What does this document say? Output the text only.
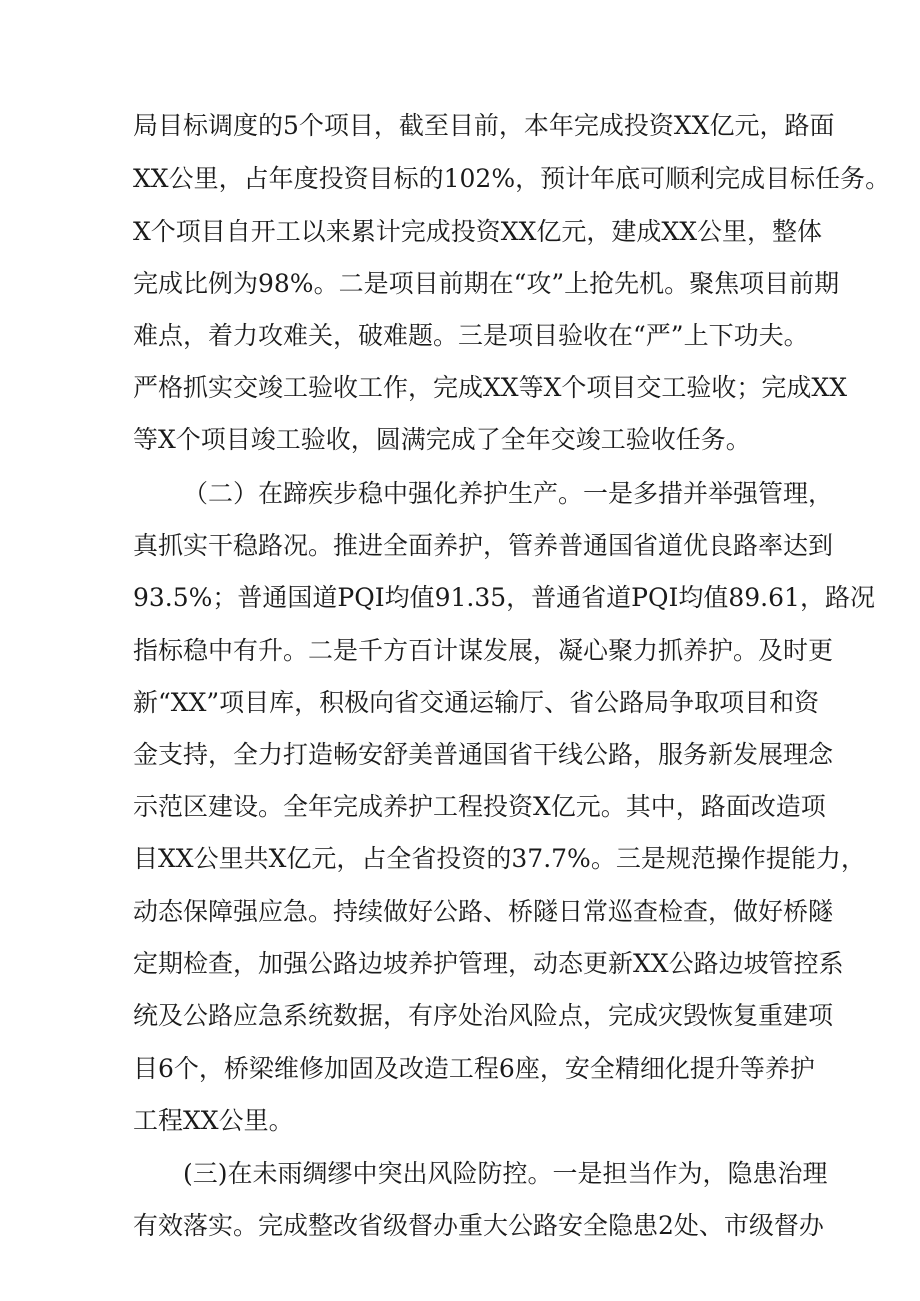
局目标调度的5个项目，截至目前，本年完成投资XX亿元，路面
XX公里，占年度投资目标的102%，预计年底可顺利完成目标任务。
X个项目自开工以来累计完成投资XX亿元，建成XX公里，整体
完成比例为98%。二是项目前期在“攻”上抢先机。聚焦项目前期
难点，着力攻难关，破难题。三是项目验收在“严”上下功夫。
严格抓实交竣工验收工作，完成XX等X个项目交工验收；完成XX
等X个项目竣工验收，圆满完成了全年交竣工验收任务。
（二）在蹄疾步稳中强化养护生产。一是多措并举强管理，
真抓实干稳路况。推进全面养护，管养普通国省道优良路率达到
93.5%；普通国道PQI均值91.35，普通省道PQI均值89.61，路况
指标稳中有升。二是千方百计谋发展，凝心聚力抓养护。及时更
新“XX”项目库，积极向省交通运输厅、省公路局争取项目和资
金支持，全力打造畅安舒美普通国省干线公路，服务新发展理念
示范区建设。全年完成养护工程投资X亿元。其中，路面改造项
目XX公里共X亿元，占全省投资的37.7%。三是规范操作提能力，
动态保障强应急。持续做好公路、桥隧日常巡查检查，做好桥隧
定期检查，加强公路边坡养护管理，动态更新XX公路边坡管控系
统及公路应急系统数据，有序处治风险点，完成灾毁恢复重建项
目6个，桥梁维修加固及改造工程6座，安全精细化提升等养护
工程XX公里。
(三)在未雨绸缪中突出风险防控。一是担当作为，隐患治理
有效落实。完成整改省级督办重大公路安全隐患2处、市级督办
